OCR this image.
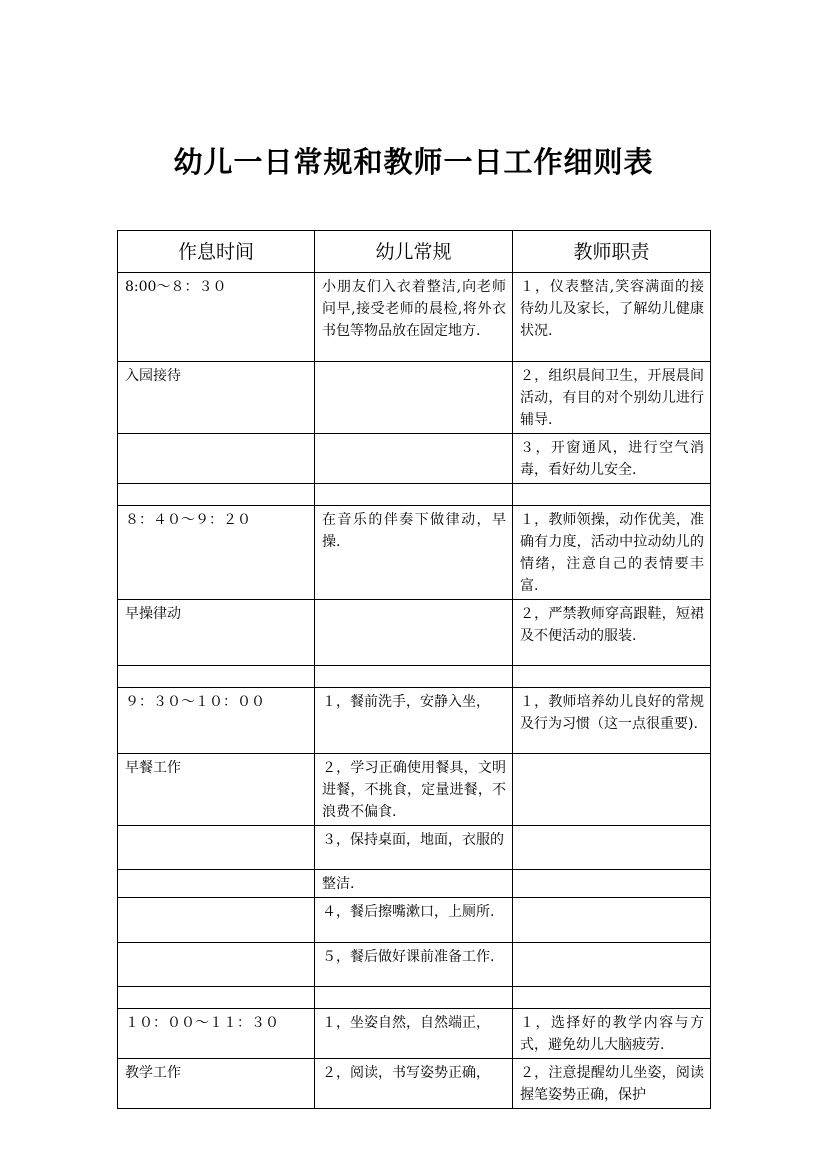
幼儿一日常规和教师一日工作细则表
作息时间	幼儿常规	教师职责
8:00～８：３０	小朋友们入衣着整洁,向老师问早,接受老师的晨检,将外衣书包等物品放在固定地方.	１，仪表整洁,笑容满面的接待幼儿及家长，了解幼儿健康状况.
入园接待		２，组织晨间卫生，开展晨间活动，有目的对个别幼儿进行辅导.
		３，开窗通风，进行空气消毒，看好幼儿安全.

８：４０～９：２０	在音乐的伴奏下做律动，早操.	１，教师领操，动作优美，准确有力度，活动中拉动幼儿的情绪，注意自己的表情要丰富.
早操律动		２，严禁教师穿高跟鞋，短裙及不便活动的服装.

９：３０～１０：００	１，餐前洗手，安静入坐，	１，教师培养幼儿良好的常规及行为习惯（这一点很重要).
早餐工作	２，学习正确使用餐具，文明进餐，不挑食，定量进餐，不浪费不偏食.	
	３，保持桌面，地面，衣服的	
	整洁.	
	４，餐后擦嘴漱口，上厕所.	
	５，餐后做好课前准备工作.	

１０：００～１１：３０	１，坐姿自然，自然端正，	１，选择好的教学内容与方式，避免幼儿大脑疲劳.
教学工作	２，阅读，书写姿势正确，	２，注意提醒幼儿坐姿，阅读握笔姿势正确，保护
